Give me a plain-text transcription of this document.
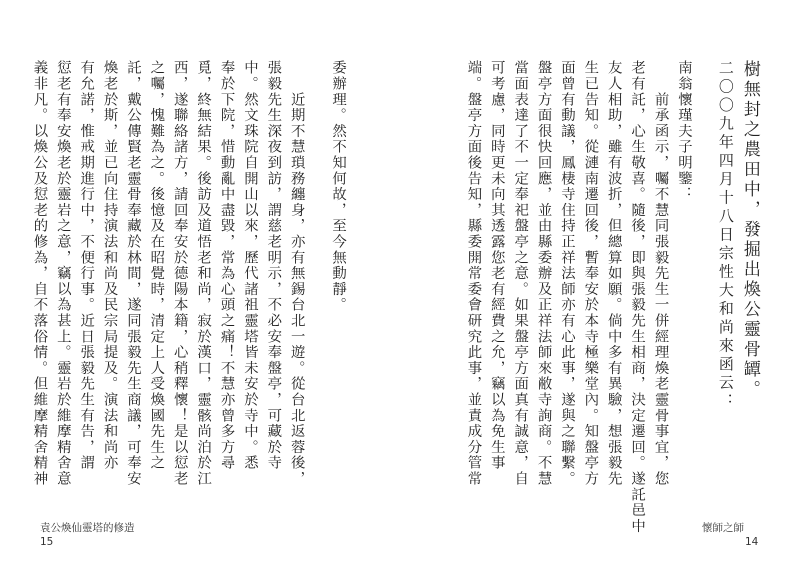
委辦理。然不知何故，至今無動靜。
　　近期不慧瑣務纏身，亦有無錫台北一遊。從台北返蓉後，
張毅先生深夜到訪，謂慈老明示，不必安奉盤亭，可藏於寺
中。然文珠院自開山以來，歷代諸祖靈塔皆未安於寺中。悉
奉於下院，惜動亂中盡毀，常為心頭之痛！不慧亦曾多方尋
覓，終無結果。後訪及道悟老和尚，寂於漢口，靈骸尚泊於江
西，遂聯絡諸方，請回奉安於德陽本籍，心稍釋懷！是以愆老
之囑，愧難為之。後憶及在昭覺時，清定上人受煥國先生之
託，戴公傳賢老靈骨奉藏於林間，遂同張毅先生商議，可奉安
煥老於斯，並已向住持演法和尚及民宗局提及。演法和尚亦
有允諾，惟戒期進行中，不便行事。近日張毅先生有告，謂
愆老有奉安煥老於靈岩之意，竊以為甚上。靈岩於維摩精舍意
義非凡。以煥公及愆老的修為，自不落俗情。但維摩精舍精神
袁公煥仙靈塔的修造
15
樹無封之農田中，發掘出煥公靈骨罈。
二〇〇九年四月十八日宗性大和尚來函云：
南翁懷瑾夫子明鑒：
　　前承函示，囑不慧同張毅先生一併經理煥老靈骨事宜，您
老有託，心生敬喜。隨後，即與張毅先生相商，決定遷回。遂託邑中
友人相助，雖有波折，但總算如願。倘中多有異驗，想張毅先
生已告知。從漣南遷回後，暫奉安於本寺極樂堂內。知盤亭方
面曾有動議，鳳棲寺住持正祥法師亦有心此事，遂與之聯繫。
盤亭方面很快回應，並由縣委辦及正祥法師來敝寺詢商。不慧
當面表達了不一定奉祀盤亭之意。如果盤亭方面真有誠意，自
可考慮，同時更未向其透露您老有經費之允，竊以為免生事
端。盤亭方面後告知，縣委開常委會研究此事，並責成分管常
懷師之師
14
